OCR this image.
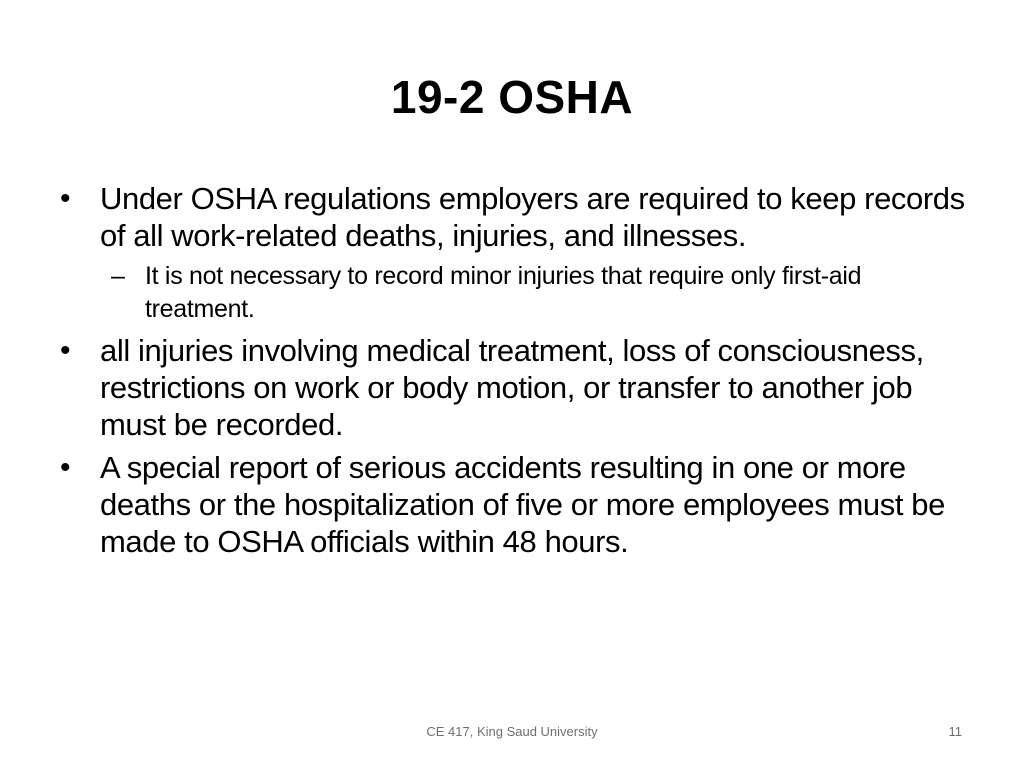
19-2 OSHA
• Under OSHA regulations employers are required to keep records of all work-related deaths, injuries, and illnesses.
– It is not necessary to record minor injuries that require only first-aid treatment.
• all injuries involving medical treatment, loss of consciousness, restrictions on work or body motion, or transfer to another job must be recorded.
• A special report of serious accidents resulting in one or more deaths or the hospitalization of five or more employees must be made to OSHA officials within 48 hours.
CE 417, King Saud University	11
